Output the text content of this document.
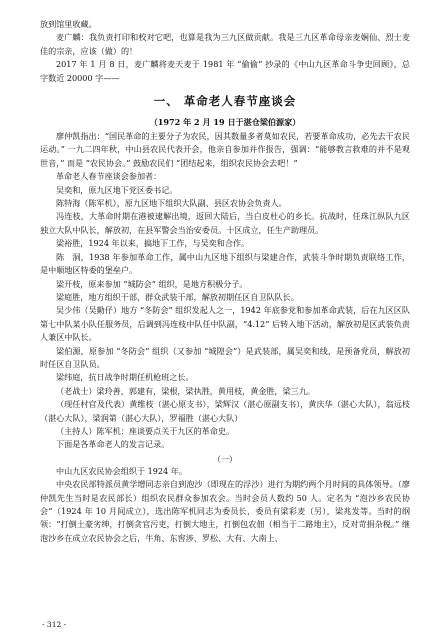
放到馆里收藏。

麦广麟：我负责打印和校对它吧，也算是我为三九区做贡献。我是三九区革命母亲麦娴仙、烈士麦佳的宗亲，应该（做）的！

2017 年 1 月 8 日，麦广麟将麦天麦于 1981 年 “偷偷” 抄录的《中山九区革命斗争史回顾》，总字数近 20000 字——

一、 革命老人春节座谈会
（1972 年 2 月 19 日于湛仓梁伯源家）

廖仲凯指出：“国民革命的主要分子为农民，因其数量多者莫如农民，若要革命成功，必先去干农民运动。” 一九二四年秋，中山县农民代表开会，他亲自参加并作报告，强调：“能够教言救难的并不是观世音，” 而是 “农民协会。” 鼓励农民们 “团结起来，组织农民协会去吧！”

革命老人春节座谈会参加者：

吴奕和，原九区地下党区委书记。

陈特海（陈军机），原九区地下组织大队副、县区农协会负责人。

冯连枝，大革命时期在港被逮解出境，返回大陆后，当白皮杜心的乡长。抗战时，任珠江纵队九区独立大队中队长，解放初，在县军警会当治安委员。十区成立，任生产助理员。

梁裕胜，1924 年以来，搞地下工作，与吴奕和合作。

陈　洞，1938 年参加革命工作，属中山九区地下组织与梁建合作，武装斗争时期负责联络工作，是中顺地区特委的堡垒户。

梁开枝，原来参加 “城防会” 组织，是地方积极分子。

梁庭胜，地方组织干部，群众武装干部，解放初期任区自卫队队长。

吴少伟（吴勤仔）地方 “冬防会” 组织发起人之一，1942 年底参党和参加革命武装，后在九区区队第七中队某小队任服务员，后调到冯连枝中队任中队副，“4.12” 后转入地下活动，解放初是区武装负责人兼区中队长。

梁伯源，原参加 “冬防会” 组织（又参加 “城隍会”）是武装部，属吴奕和线，是预备党员，解放初时任区自卫队员。

梁纬庭，抗日战争时期任机枪班之长。

（老战士）梁玲善，郭建有，梁根，梁执胜，黄用枝，黄金胜，梁三九。

（现任村官及代表）黄维枝（湛心原支书），梁辉汉（湛心原副支书），黄庆华（湛心大队），翁远枝（湛心大队），梁润第（湛心大队），罗福胜（湛心大队）

（主持人）陈军机：座谈要点关于九区的革命史。

下面是各革命老人的发言记录。

（一）

中山九区农民协会组织于 1924 年。

中央农民部特派员黄学增同志亲自到泡沙（即现在的浮沙）进行为期约两个月时间的具体领导。（廖仲凯先生当时是农民部长）组织农民群众参加农会。当时会员人数约 50 人。定名为 “泡沙乡农民协会”（1924 年 10 月间成立），选出陈军机同志为委员长，委员有梁彩麦（另），梁兆发等。当时的纲领：“打倒土豪劣绅，打倒贪官污吏，打倒大地主，打倒包农佃（相当于二路地主），反对苛捐杂税。” 继泡沙乡在成立农民协会之后，牛角、东窖涉、罗松、大有、大南上、

- 312 -
